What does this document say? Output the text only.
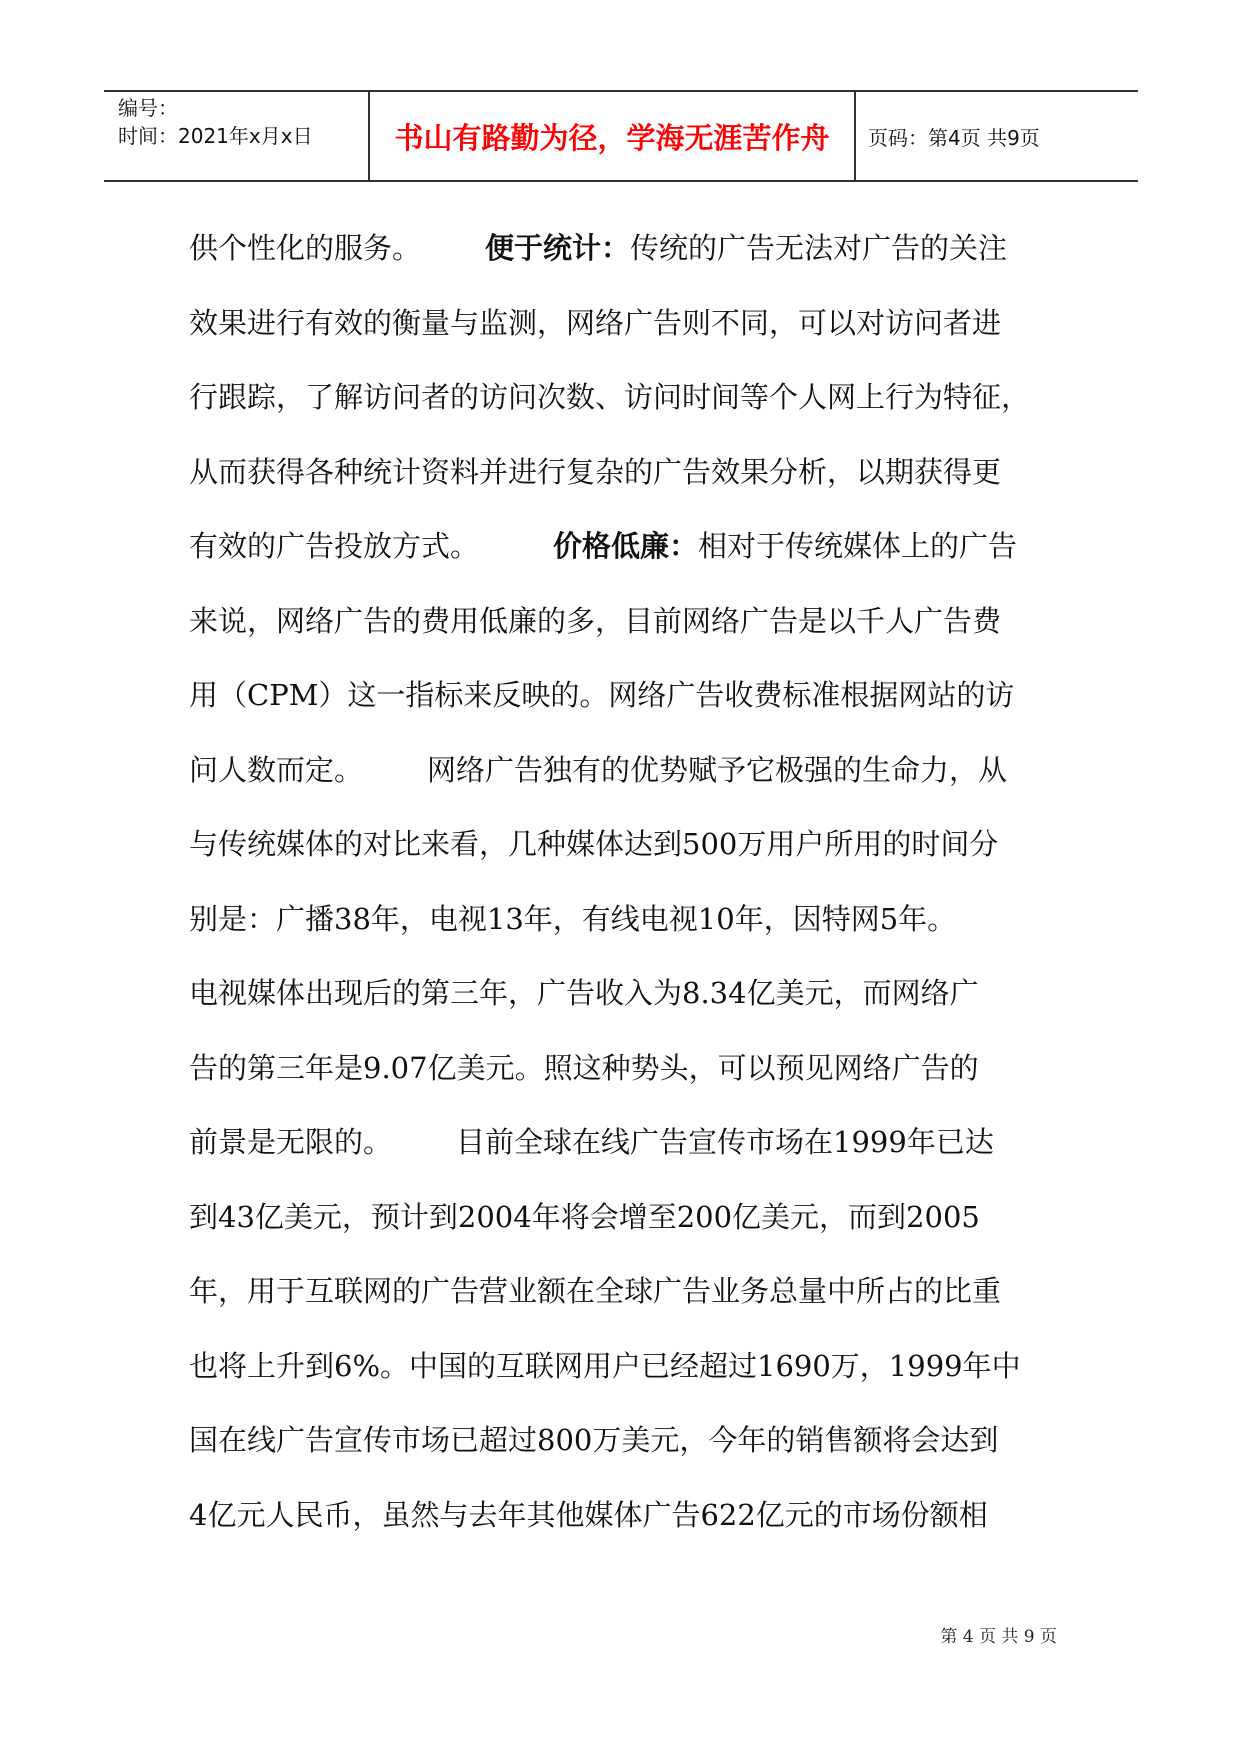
编号：
时间：2021年x月x日	书山有路勤为径，学海无涯苦作舟	页码：第4页 共9页
供个性化的服务。 便于统计：传统的广告无法对广告的关注
效果进行有效的衡量与监测，网络广告则不同，可以对访问者进
行跟踪，了解访问者的访问次数、访问时间等个人网上行为特征，
从而获得各种统计资料并进行复杂的广告效果分析，以期获得更
有效的广告投放方式。	价格低廉：相对于传统媒体上的广告
来说，网络广告的费用低廉的多，目前网络广告是以千人广告费
用（CPM）这一指标来反映的。网络广告收费标准根据网站的访
问人数而定。 网络广告独有的优势赋予它极强的生命力，从
与传统媒体的对比来看，几种媒体达到500万用户所用的时间分
别是：广播38年，电视13年，有线电视10年，因特网5年。
电视媒体出现后的第三年，广告收入为8.34亿美元，而网络广
告的第三年是9.07亿美元。照这种势头，可以预见网络广告的
前景是无限的。 目前全球在线广告宣传市场在1999年已达
到43亿美元，预计到2004年将会增至200亿美元，而到2005
年，用于互联网的广告营业额在全球广告业务总量中所占的比重
也将上升到6%。中国的互联网用户已经超过1690万，1999年中
国在线广告宣传市场已超过800万美元，今年的销售额将会达到
4亿元人民币，虽然与去年其他媒体广告622亿元的市场份额相
第 4 页 共 9 页
